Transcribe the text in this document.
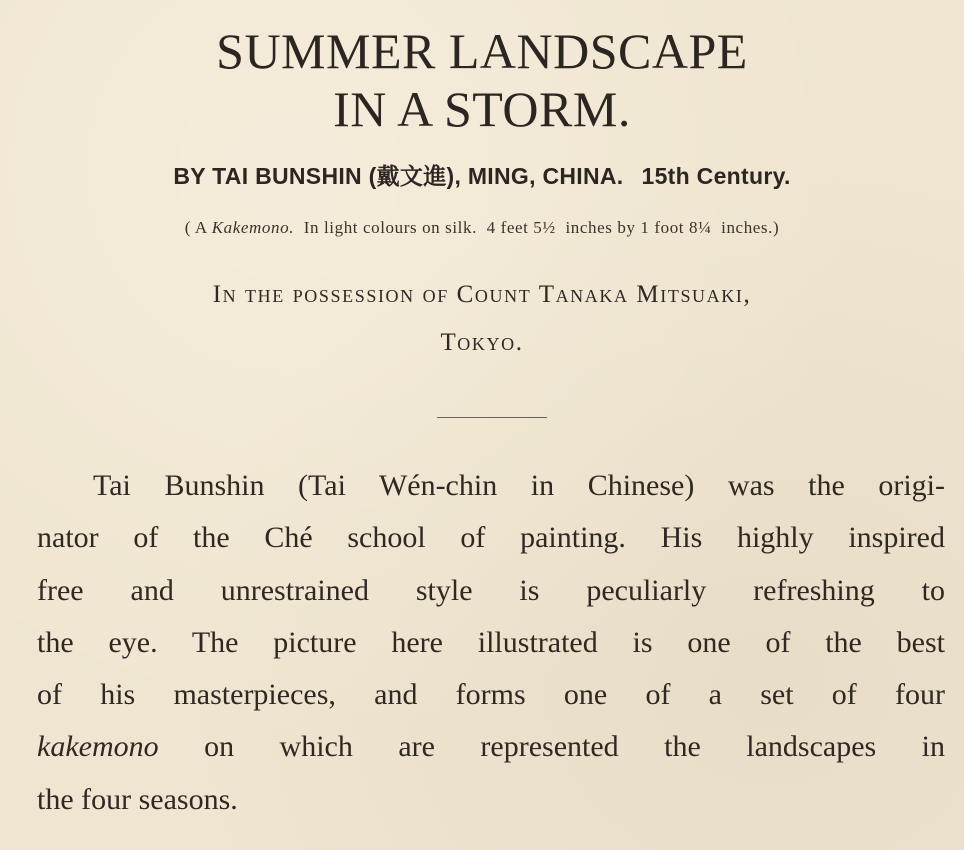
SUMMER LANDSCAPE
IN A STORM.
BY TAI BUNSHIN (戴文進), MING, CHINA. 15th Century.
( A Kakemono.  In light colours on silk.  4 feet 5½  inches by 1 foot 8¼  inches.)
In the possession of Count Tanaka Mitsuaki,
Tokyo.
Tai Bunshin (Tai Wén-chin in Chinese) was the origi-
nator of the Ché school of painting. His highly inspired
free and unrestrained style is peculiarly refreshing to
the eye. The picture here illustrated is one of the best
of his masterpieces, and forms one of a set of four
kakemono on which are represented the landscapes in
the four seasons.
